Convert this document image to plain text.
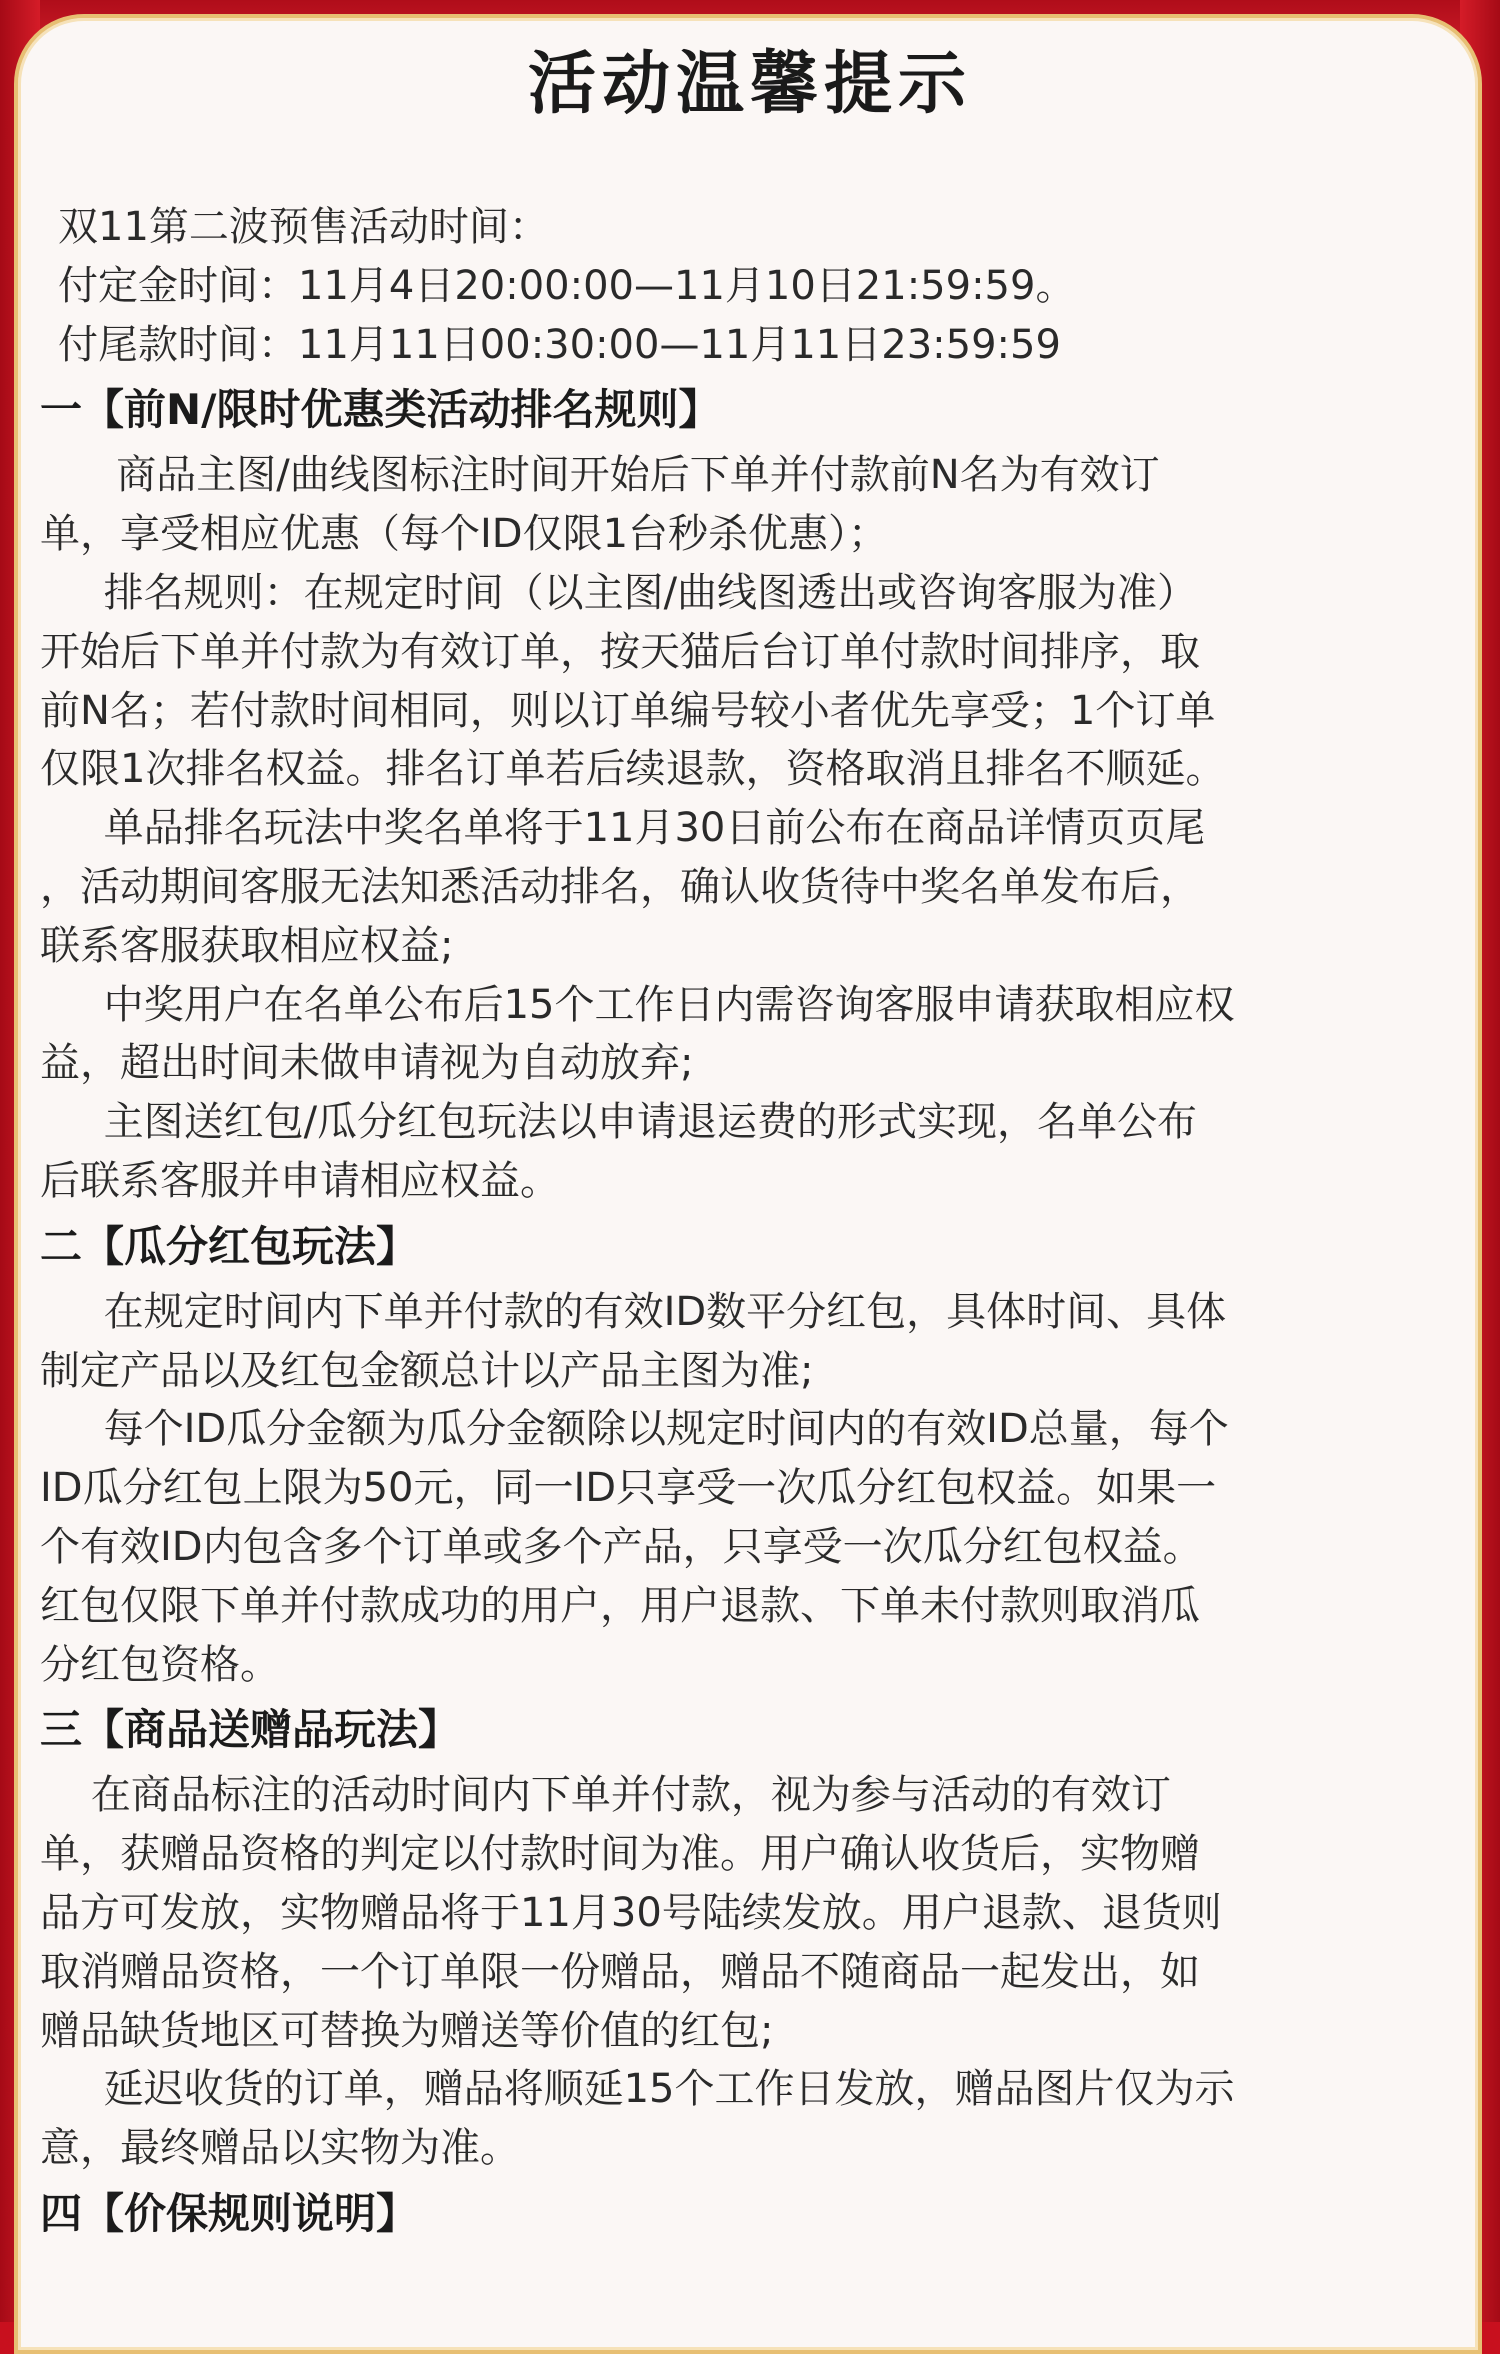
活动温馨提示
双11第二波预售活动时间：
付定金时间：11月4日20:00:00—11月10日21:59:59。
付尾款时间：11月11日00:30:00—11月11日23:59:59
一【前N/限时优惠类活动排名规则】
商品主图/曲线图标注时间开始后下单并付款前N名为有效订
单，享受相应优惠（每个ID仅限1台秒杀优惠）；
排名规则：在规定时间（以主图/曲线图透出或咨询客服为准）
开始后下单并付款为有效订单，按天猫后台订单付款时间排序，取
前N名；若付款时间相同，则以订单编号较小者优先享受；1个订单
仅限1次排名权益。排名订单若后续退款，资格取消且排名不顺延。
单品排名玩法中奖名单将于11月30日前公布在商品详情页页尾
，活动期间客服无法知悉活动排名，确认收货待中奖名单发布后，
联系客服获取相应权益;
中奖用户在名单公布后15个工作日内需咨询客服申请获取相应权
益，超出时间未做申请视为自动放弃;
主图送红包/瓜分红包玩法以申请退运费的形式实现，名单公布
后联系客服并申请相应权益。
二【瓜分红包玩法】
在规定时间内下单并付款的有效ID数平分红包，具体时间、具体
制定产品以及红包金额总计以产品主图为准;
每个ID瓜分金额为瓜分金额除以规定时间内的有效ID总量，每个
ID瓜分红包上限为50元，同一ID只享受一次瓜分红包权益。如果一
个有效ID内包含多个订单或多个产品，只享受一次瓜分红包权益。
红包仅限下单并付款成功的用户，用户退款、下单未付款则取消瓜
分红包资格。
三【商品送赠品玩法】
在商品标注的活动时间内下单并付款，视为参与活动的有效订
单，获赠品资格的判定以付款时间为准。用户确认收货后，实物赠
品方可发放，实物赠品将于11月30号陆续发放。用户退款、退货则
取消赠品资格，一个订单限一份赠品，赠品不随商品一起发出，如
赠品缺货地区可替换为赠送等价值的红包;
延迟收货的订单，赠品将顺延15个工作日发放，赠品图片仅为示
意，最终赠品以实物为准。
四【价保规则说明】
